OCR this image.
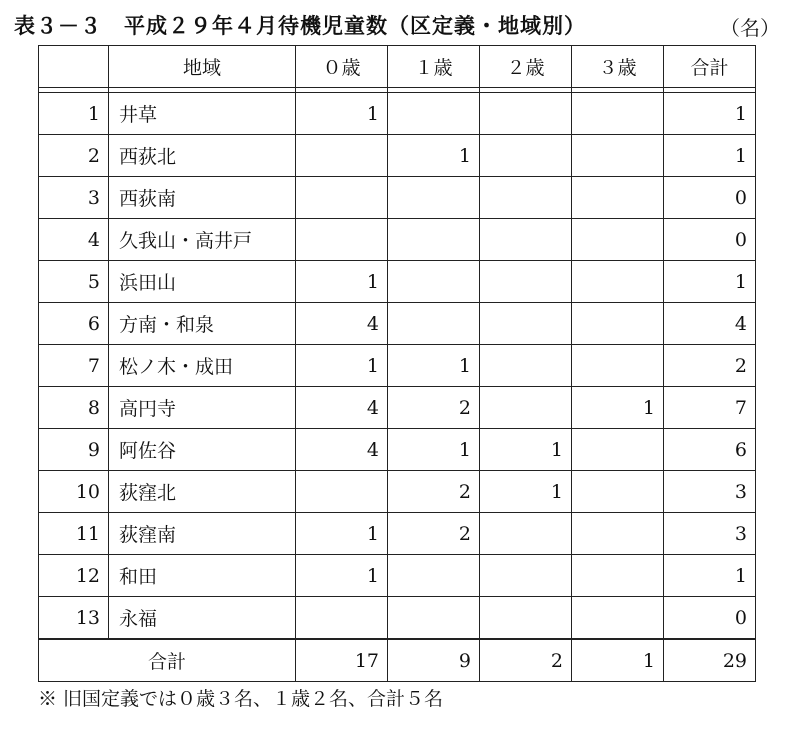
表３－３　平成２９年４月待機児童数（区定義・地域別）	（名）
	地域	０歳	１歳	２歳	３歳	合計

1	井草	1				1
2	西荻北		1			1
3	西荻南					0
4	久我山・高井戸					0
5	浜田山	1				1
6	方南・和泉	4				4
7	松ノ木・成田	1	1			2
8	高円寺	4	2		1	7
9	阿佐谷	4	1	1		6
10	荻窪北		2	1		3
11	荻窪南	1	2			3
12	和田	1				1
13	永福					0
合計		17	9	2	1	29
※ 旧国定義では０歳３名、１歳２名、合計５名
